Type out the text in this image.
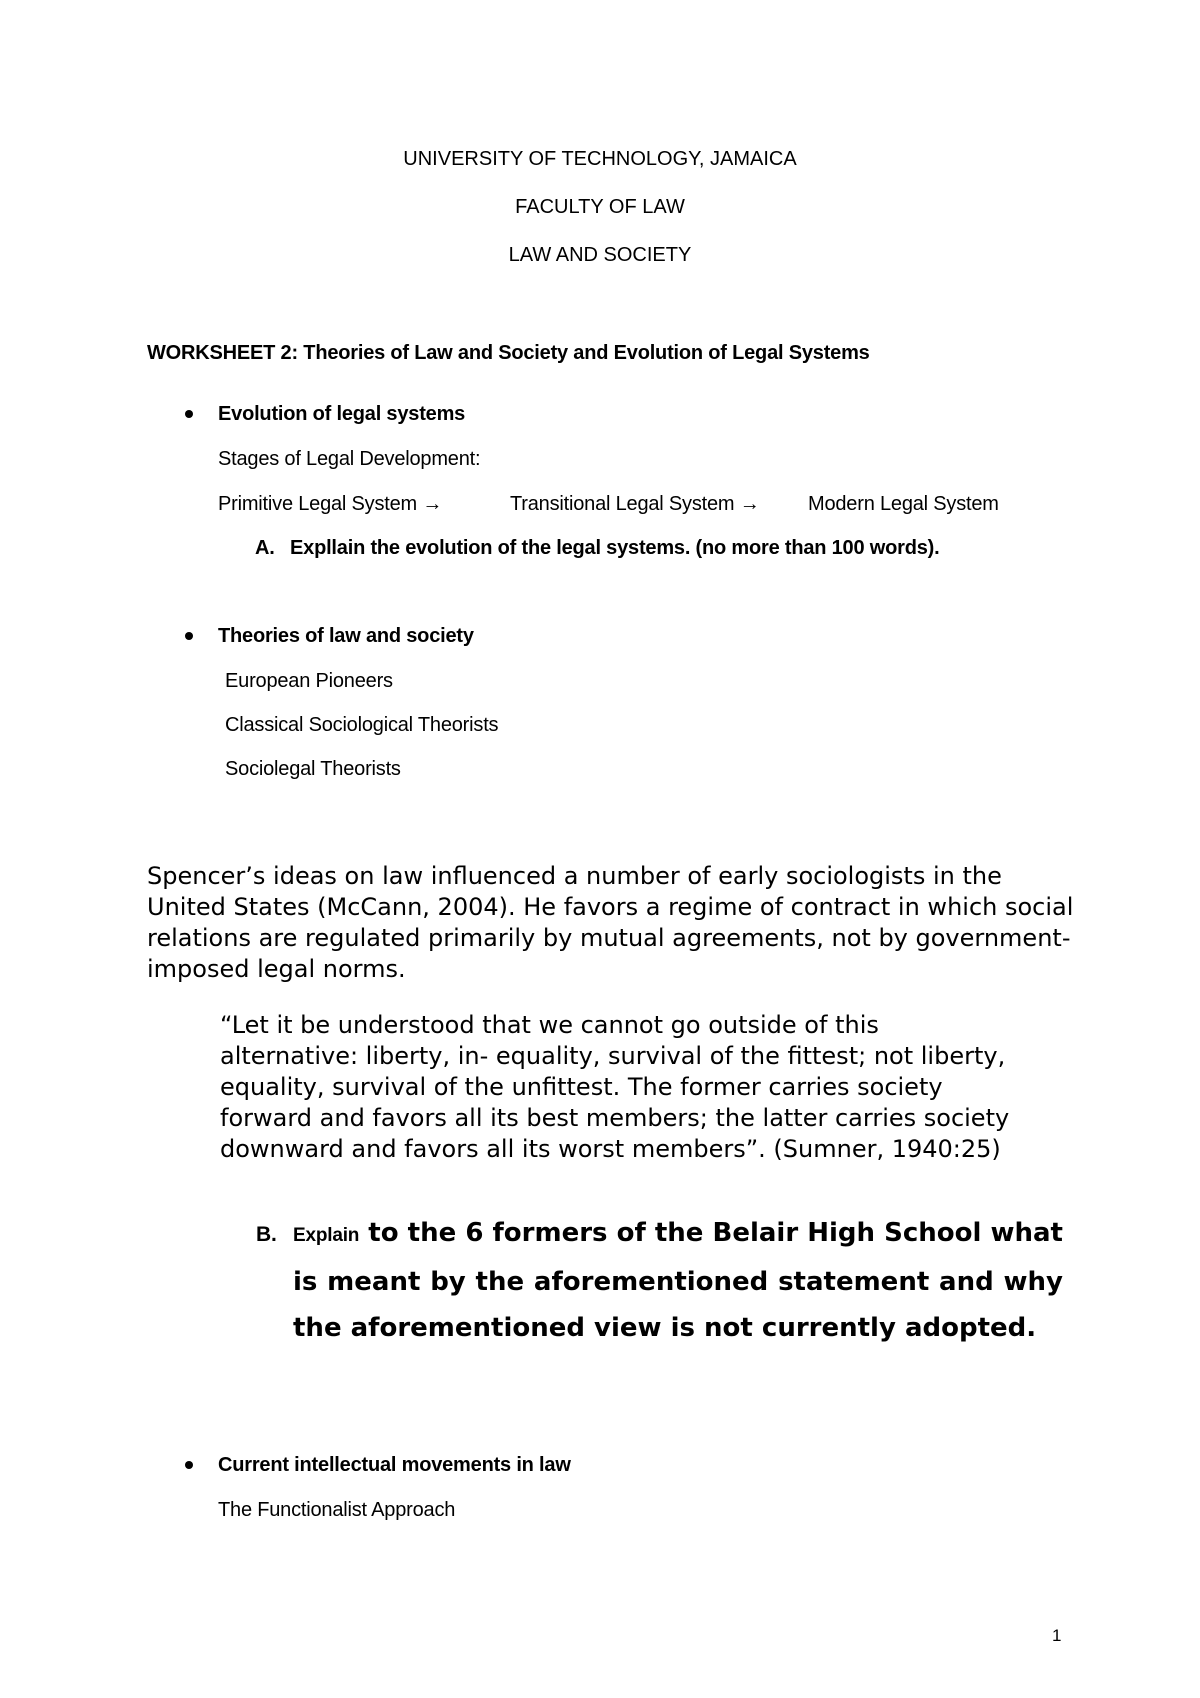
UNIVERSITY OF TECHNOLOGY, JAMAICA
FACULTY OF LAW
LAW AND SOCIETY
WORKSHEET 2: Theories of Law and Society and Evolution of Legal Systems
Evolution of legal systems
Stages of Legal Development:
Primitive Legal System →	Transitional Legal System → Modern Legal System
A. Expllain the evolution of the legal systems. (no more than 100 words).
Theories of law and society
European Pioneers
Classical Sociological Theorists
Sociolegal Theorists
Spencer’s ideas on law influenced a number of early sociologists in the United States (McCann, 2004). He favors a regime of contract in which social relations are regulated primarily by mutual agreements, not by government-imposed legal norms.
“Let it be understood that we cannot go outside of this alternative: liberty, in- equality, survival of the fittest; not liberty, equality, survival of the unfittest. The former carries society forward and favors all its best members; the latter carries society downward and favors all its worst members”. (Sumner, 1940:25)
B. Explain to the 6 formers of the Belair High School what is meant by the aforementioned statement and why the aforementioned view is not currently adopted.
Current intellectual movements in law
The Functionalist Approach
1
